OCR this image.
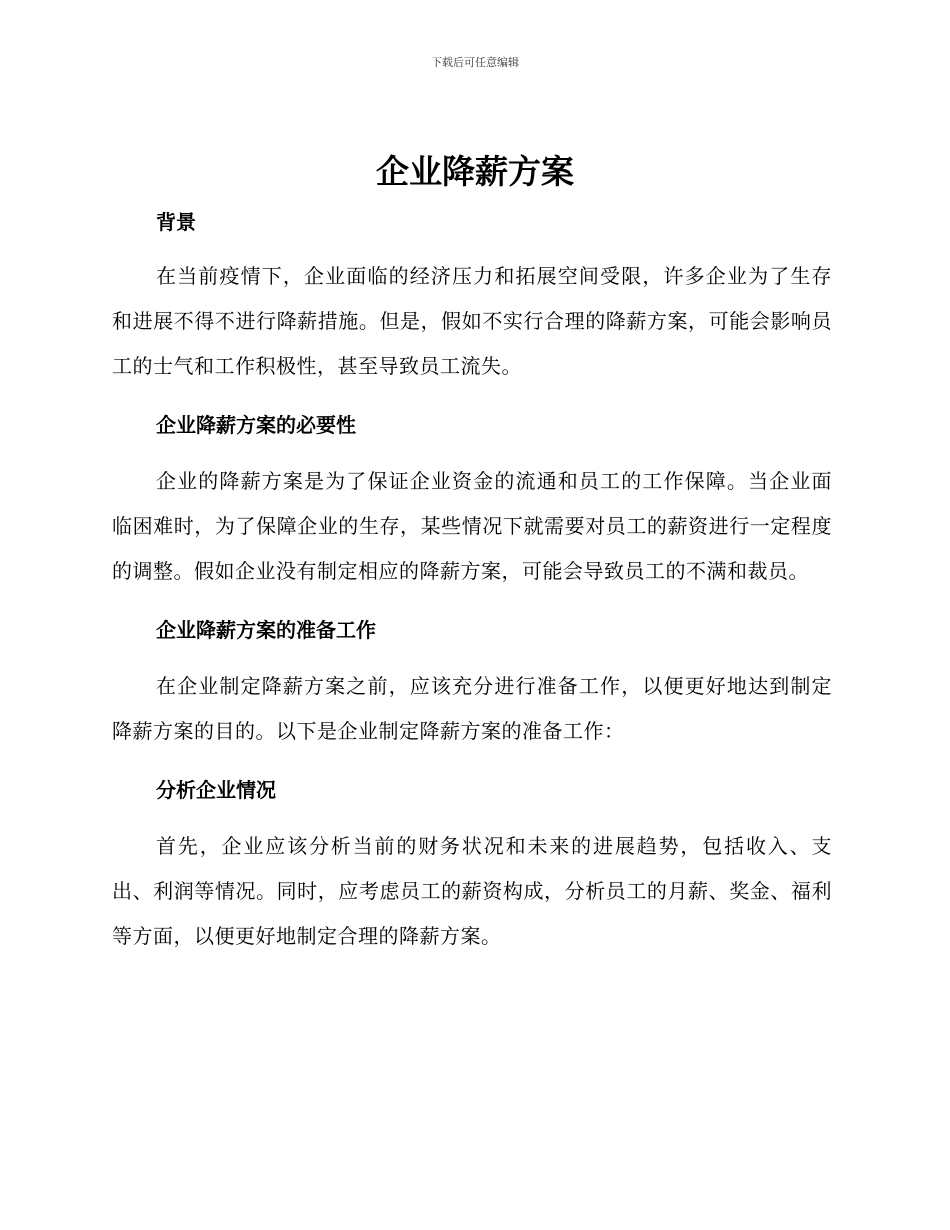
下载后可任意编辑
企业降薪方案
背景

在当前疫情下，企业面临的经济压力和拓展空间受限，许多企业为了生存和进展不得不进行降薪措施。但是，假如不实行合理的降薪方案，可能会影响员工的士气和工作积极性，甚至导致员工流失。

企业降薪方案的必要性

企业的降薪方案是为了保证企业资金的流通和员工的工作保障。当企业面临困难时，为了保障企业的生存，某些情况下就需要对员工的薪资进行一定程度的调整。假如企业没有制定相应的降薪方案，可能会导致员工的不满和裁员。

企业降薪方案的准备工作

在企业制定降薪方案之前，应该充分进行准备工作，以便更好地达到制定降薪方案的目的。以下是企业制定降薪方案的准备工作：

分析企业情况

首先，企业应该分析当前的财务状况和未来的进展趋势，包括收入、支出、利润等情况。同时，应考虑员工的薪资构成，分析员工的月薪、奖金、福利等方面，以便更好地制定合理的降薪方案。
